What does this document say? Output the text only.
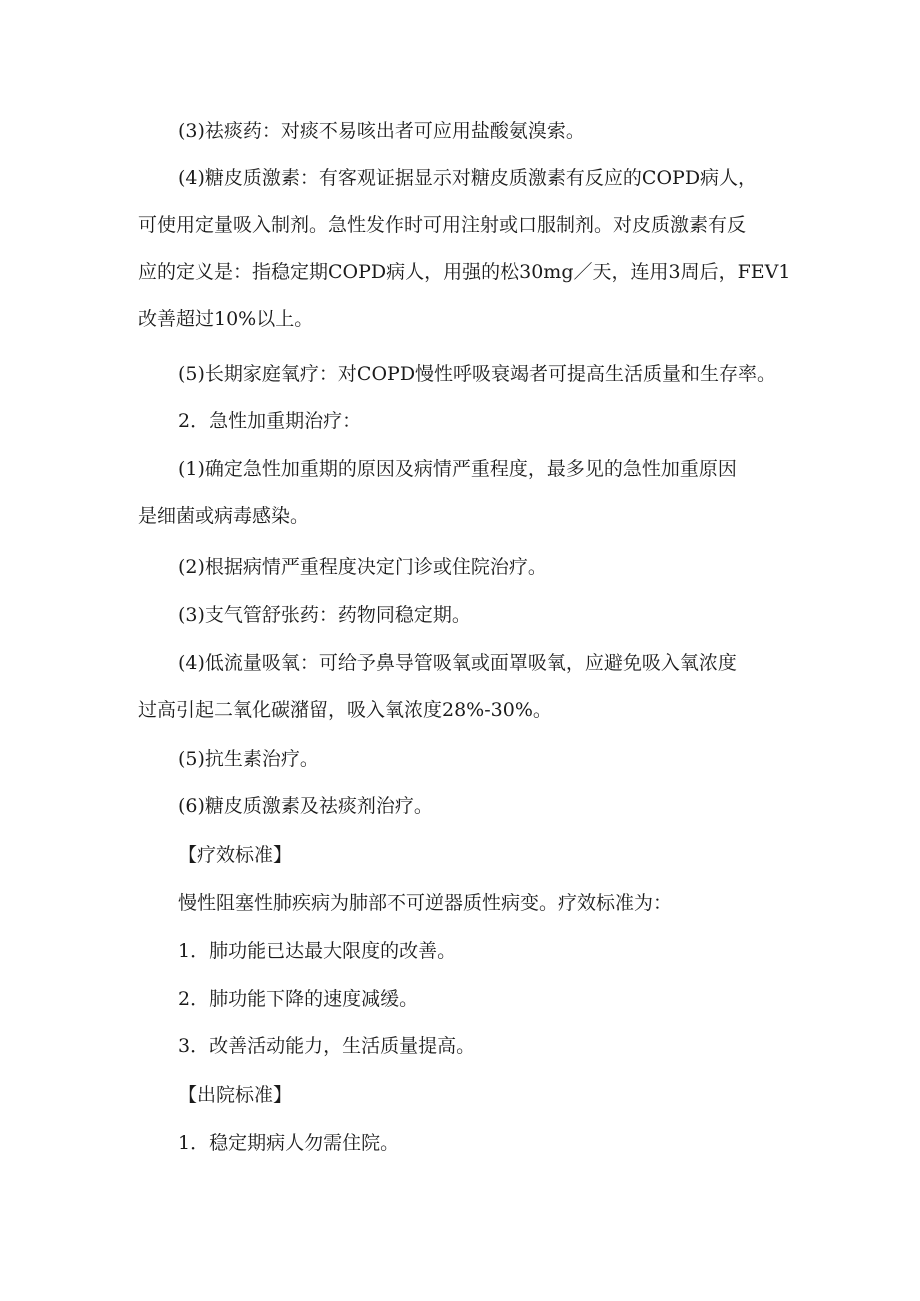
(3)祛痰药：对痰不易咳出者可应用盐酸氨溴索。

(4)糖皮质激素：有客观证据显示对糖皮质激素有反应的COPD病人，
可使用定量吸入制剂。急性发作时可用注射或口服制剂。对皮质激素有反
应的定义是：指稳定期COPD病人，用强的松30mg／天，连用3周后，FEV1
改善超过10%以上。

(5)长期家庭氧疗：对COPD慢性呼吸衰竭者可提高生活质量和生存率。

2．急性加重期治疗：

(1)确定急性加重期的原因及病情严重程度，最多见的急性加重原因
是细菌或病毒感染。

(2)根据病情严重程度决定门诊或住院治疗。

(3)支气管舒张药：药物同稳定期。

(4)低流量吸氧：可给予鼻导管吸氧或面罩吸氧，应避免吸入氧浓度
过高引起二氧化碳潴留，吸入氧浓度28%-30%。

(5)抗生素治疗。

(6)糖皮质激素及祛痰剂治疗。

【疗效标准】

慢性阻塞性肺疾病为肺部不可逆器质性病变。疗效标准为：

1．肺功能已达最大限度的改善。

2．肺功能下降的速度减缓。

3．改善活动能力，生活质量提高。

【出院标准】

1．稳定期病人勿需住院。
